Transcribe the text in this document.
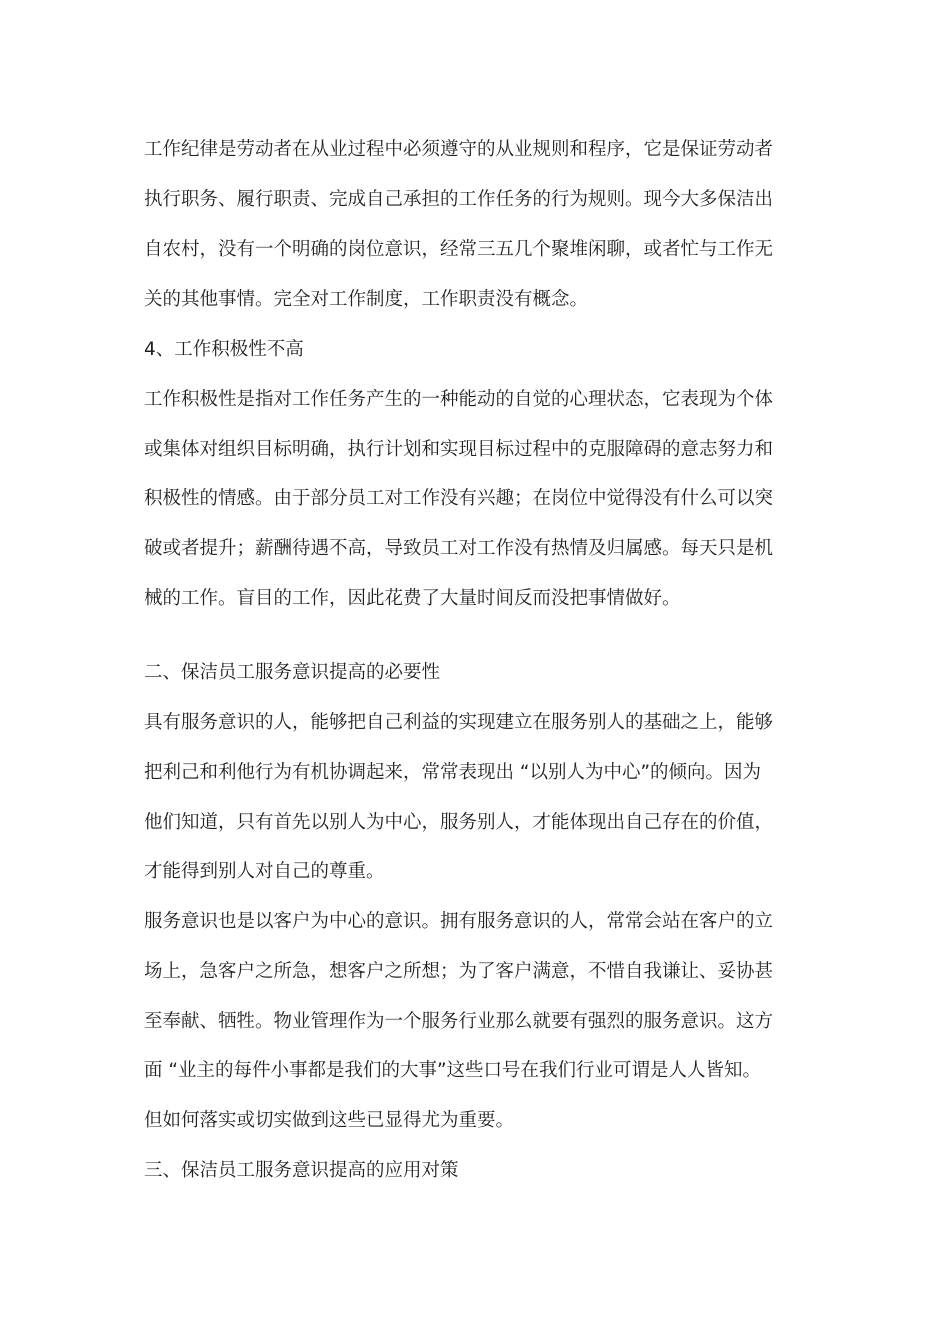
工作纪律是劳动者在从业过程中必须遵守的从业规则和程序，它是保证劳动者
执行职务、履行职责、完成自己承担的工作任务的行为规则。现今大多保洁出
自农村，没有一个明确的岗位意识，经常三五几个聚堆闲聊，或者忙与工作无
关的其他事情。完全对工作制度，工作职责没有概念。
4、工作积极性不高
工作积极性是指对工作任务产生的一种能动的自觉的心理状态，它表现为个体
或集体对组织目标明确，执行计划和实现目标过程中的克服障碍的意志努力和
积极性的情感。由于部分员工对工作没有兴趣；在岗位中觉得没有什么可以突
破或者提升；薪酬待遇不高，导致员工对工作没有热情及归属感。每天只是机
械的工作。盲目的工作，因此花费了大量时间反而没把事情做好。
二、保洁员工服务意识提高的必要性
具有服务意识的人，能够把自己利益的实现建立在服务别人的基础之上，能够
把利己和利他行为有机协调起来，常常表现出 “以别人为中心”的倾向。因为
他们知道，只有首先以别人为中心，服务别人，才能体现出自己存在的价值，
才能得到别人对自己的尊重。
服务意识也是以客户为中心的意识。拥有服务意识的人，常常会站在客户的立
场上，急客户之所急，想客户之所想；为了客户满意，不惜自我谦让、妥协甚
至奉献、牺牲。物业管理作为一个服务行业那么就要有强烈的服务意识。这方
面 “业主的每件小事都是我们的大事”这些口号在我们行业可谓是人人皆知。
但如何落实或切实做到这些已显得尤为重要。
三、保洁员工服务意识提高的应用对策
